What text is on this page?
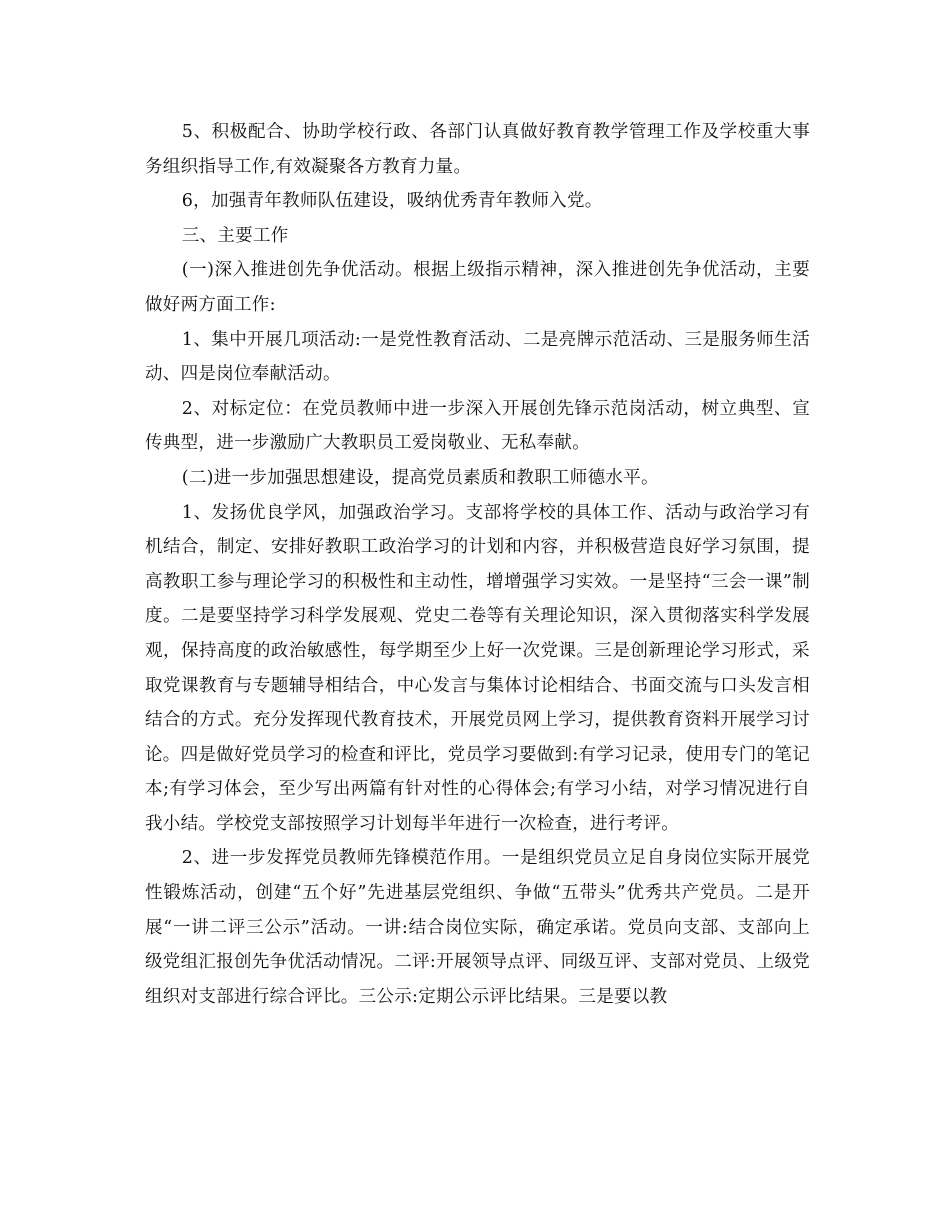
5、积极配合、协助学校行政、各部门认真做好教育教学管理工作及学校重大事务组织指导工作,有效凝聚各方教育力量。

6，加强青年教师队伍建设，吸纳优秀青年教师入党。

三、主要工作

(一)深入推进创先争优活动。根据上级指示精神，深入推进创先争优活动，主要做好两方面工作:

1、集中开展几项活动:一是党性教育活动、二是亮牌示范活动、三是服务师生活动、四是岗位奉献活动。

2、对标定位：在党员教师中进一步深入开展创先锋示范岗活动，树立典型、宣传典型，进一步激励广大教职员工爱岗敬业、无私奉献。

(二)进一步加强思想建设，提高党员素质和教职工师德水平。

1、发扬优良学风，加强政治学习。支部将学校的具体工作、活动与政治学习有机结合，制定、安排好教职工政治学习的计划和内容，并积极营造良好学习氛围，提高教职工参与理论学习的积极性和主动性，增增强学习实效。一是坚持“三会一课”制度。二是要坚持学习科学发展观、党史二卷等有关理论知识，深入贯彻落实科学发展观，保持高度的政治敏感性，每学期至少上好一次党课。三是创新理论学习形式，采取党课教育与专题辅导相结合，中心发言与集体讨论相结合、书面交流与口头发言相结合的方式。充分发挥现代教育技术，开展党员网上学习，提供教育资料开展学习讨论。四是做好党员学习的检查和评比，党员学习要做到:有学习记录，使用专门的笔记本;有学习体会，至少写出两篇有针对性的心得体会;有学习小结，对学习情况进行自我小结。学校党支部按照学习计划每半年进行一次检查，进行考评。

2、进一步发挥党员教师先锋模范作用。一是组织党员立足自身岗位实际开展党性锻炼活动，创建“五个好”先进基层党组织、争做“五带头”优秀共产党员。二是开展“一讲二评三公示”活动。一讲:结合岗位实际，确定承诺。党员向支部、支部向上级党组汇报创先争优活动情况。二评:开展领导点评、同级互评、支部对党员、上级党组织对支部进行综合评比。三公示:定期公示评比结果。三是要以教
